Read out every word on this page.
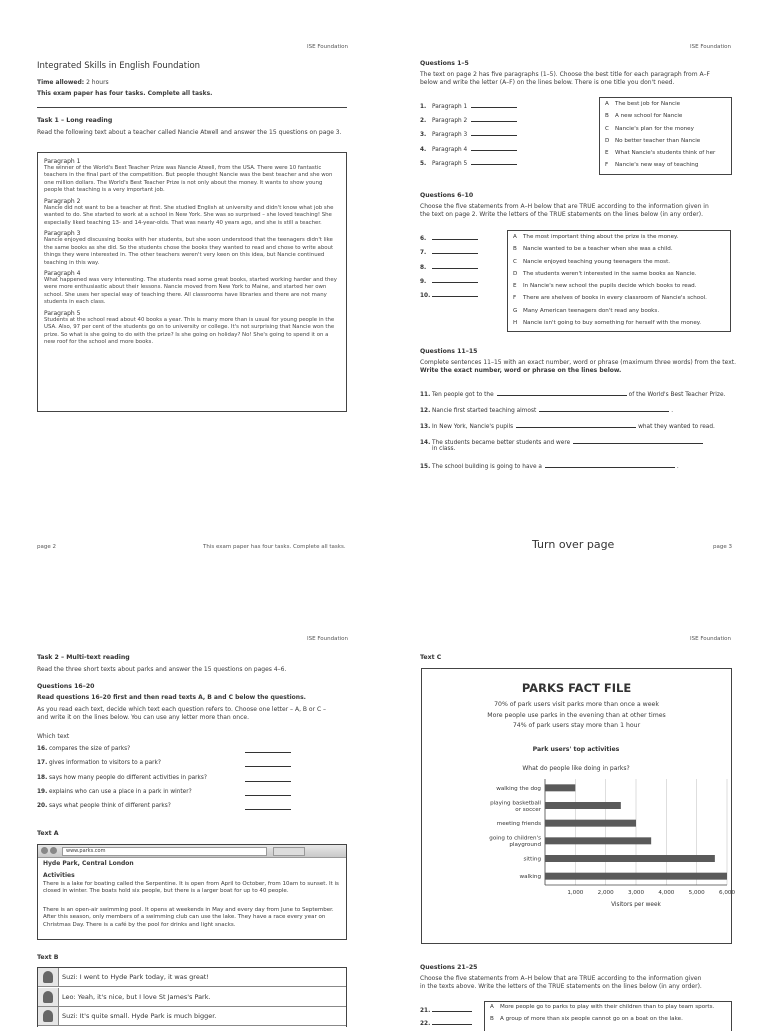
ISE Foundation
Integrated Skills in English Foundation
Time allowed: 2 hours
This exam paper has four tasks. Complete all tasks.
Task 1 – Long reading
Read the following text about a teacher called Nancie Atwell and answer the 15 questions on page 3.
Paragraph 1

The winner of the World's Best Teacher Prize was Nancie Atwell, from the USA. There were 10 fantastic teachers in the final part of the competition. But people thought Nancie was the best teacher and she won one million dollars. The World's Best Teacher Prize is not only about the money. It wants to show young people that teaching is a very important job.

Paragraph 2

Nancie did not want to be a teacher at first. She studied English at university and didn't know what job she wanted to do. She started to work at a school in New York. She was so surprised – she loved teaching! She especially liked teaching 13- and 14-year-olds. That was nearly 40 years ago, and she is still a teacher.

Paragraph 3

Nancie enjoyed discussing books with her students, but she soon understood that the teenagers didn't like the same books as she did. So the students chose the books they wanted to read and chose to write about things they were interested in. The other teachers weren't very keen on this idea, but Nancie continued teaching in this way.

Paragraph 4

What happened was very interesting. The students read some great books, started working harder and they were more enthusiastic about their lessons. Nancie moved from New York to Maine, and started her own school. She uses her special way of teaching there. All classrooms have libraries and there are not many students in each class.

Paragraph 5

Students at the school read about 40 books a year. This is many more than is usual for young people in the USA. Also, 97 per cent of the students go on to university or college. It's not surprising that Nancie won the prize. So what is she going to do with the prize? Is she going on holiday? No! She's going to spend it on a new roof for the school and more books.

page 2	This exam paper has four tasks. Complete all tasks.
ISE Foundation
Questions 1–5
The text on page 2 has five paragraphs (1–5). Choose the best title for each paragraph from A–F
below and write the letter (A–F) on the lines below. There is one title you don't need.
1. Paragraph 1
2. Paragraph 2
3. Paragraph 3
4. Paragraph 4
5. Paragraph 5
A The best job for Nancie
B A new school for Nancie
C Nancie's plan for the money
D No better teacher than Nancie
E What Nancie's students think of her
F Nancie's new way of teaching
Questions 6–10
Choose the five statements from A–H below that are TRUE according to the information given in
the text on page 2. Write the letters of the TRUE statements on the lines below (in any order).
6.
7.
8.
9.
10.
A The most important thing about the prize is the money.
B Nancie wanted to be a teacher when she was a child.
C Nancie enjoyed teaching young teenagers the most.
D The students weren't interested in the same books as Nancie.
E In Nancie's new school the pupils decide which books to read.
F There are shelves of books in every classroom of Nancie's school.
G Many American teenagers don't read any books.
H Nancie isn't going to buy something for herself with the money.
Questions 11–15
Complete sentences 11–15 with an exact number, word or phrase (maximum three words) from the text.
Write the exact number, word or phrase on the lines below.
11. Ten people got to the	of the World's Best Teacher Prize.
12. Nancie first started teaching almost	.
13. In New York, Nancie's pupils	what they wanted to read.
14. The students became better students and were
in class.
15. The school building is going to have a	.
Turn over page	page 3
ISE Foundation
Task 2 – Multi-text reading
Read the three short texts about parks and answer the 15 questions on pages 4–6.
Questions 16–20
Read questions 16–20 first and then read texts A, B and C below the questions.
As you read each text, decide which text each question refers to. Choose one letter – A, B or C –
and write it on the lines below. You can use any letter more than once.
Which text
16. compares the size of parks?
17. gives information to visitors to a park?
18. says how many people do different activities in parks?
19. explains who can use a place in a park in winter?
20. says what people think of different parks?
Text A
www.parks.com
Hyde Park, Central London
Activities
There is a lake for boating called the Serpentine. It is open from April to October, from 10am to sunset. It is closed in winter. The boats hold six people, but there is a larger boat for up to 40 people.
There is an open-air swimming pool. It opens at weekends in May and every day from June to September. After this season, only members of a swimming club can use the lake. They have a race every year on Christmas Day. There is a café by the pool for drinks and light snacks.
Text B
Suzi: I went to Hyde Park today, it was great!
Leo: Yeah, it's nice, but I love St James's Park.
Suzi: It's quite small. Hyde Park is much bigger.
ISE Foundation
Text C
PARKS FACT FILE
70% of park users visit parks more than once a week
More people use parks in the evening than at other times
74% of park users stay more than 1 hour
Park users' top activities
What do people like doing in parks?
1,000	2,000	3,000	4,000	5,000	6,000
walking the dog
playing basketball
or soccer
meeting friends
going to children's
playground
sitting
walking
Visitors per week
Questions 21–25
Choose the five statements from A–H below that are TRUE according to the information given
in the texts above. Write the letters of the TRUE statements on the lines below (in any order).
21.
22.
A More people go to parks to play with their children than to play team sports.
B A group of more than six people cannot go on a boat on the lake.
